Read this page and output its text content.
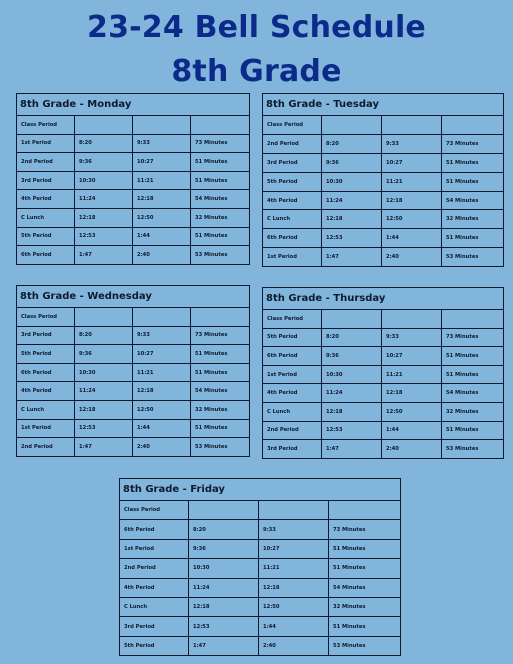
23-24 Bell Schedule
8th Grade
8th Grade - Monday			
Class Period			
1st Period	8:20	9:33	73 Minutes
2nd Period	9:36	10:27	51 Minutes
3rd Period	10:30	11:21	51 Minutes
4th Period	11:24	12:18	54 Minutes
C Lunch	12:18	12:50	32 Minutes
5th Period	12:53	1:44	51 Minutes
6th Period	1:47	2:40	53 Minutes
8th Grade - Tuesday			
Class Period			
2nd Period	8:20	9:33	73 Minutes
3rd Period	9:36	10:27	51 Minutes
5th Period	10:30	11:21	51 Minutes
4th Period	11:24	12:18	54 Minutes
C Lunch	12:18	12:50	32 Minutes
6th Period	12:53	1:44	51 Minutes
1st Period	1:47	2:40	53 Minutes
8th Grade - Wednesday			
Class Period			
3rd Period	8:20	9:33	73 Minutes
5th Period	9:36	10:27	51 Minutes
6th Period	10:30	11:21	51 Minutes
4th Period	11:24	12:18	54 Minutes
C Lunch	12:18	12:50	32 Minutes
1st Period	12:53	1:44	51 Minutes
2nd Period	1:47	2:40	53 Minutes
8th Grade - Thursday			
Class Period			
5th Period	8:20	9:33	73 Minutes
6th Period	9:36	10:27	51 Minutes
1st Period	10:30	11:21	51 Minutes
4th Period	11:24	12:18	54 Minutes
C Lunch	12:18	12:50	32 Minutes
2nd Period	12:53	1:44	51 Minutes
3rd Period	1:47	2:40	53 Minutes
8th Grade - Friday			
Class Period			
6th Period	8:20	9:33	73 Minutes
1st Period	9:36	10:27	51 Minutes
2nd Period	10:30	11:21	51 Minutes
4th Period	11:24	12:18	54 Minutes
C Lunch	12:18	12:50	32 Minutes
3rd Period	12:53	1:44	51 Minutes
5th Period	1:47	2:40	53 Minutes
